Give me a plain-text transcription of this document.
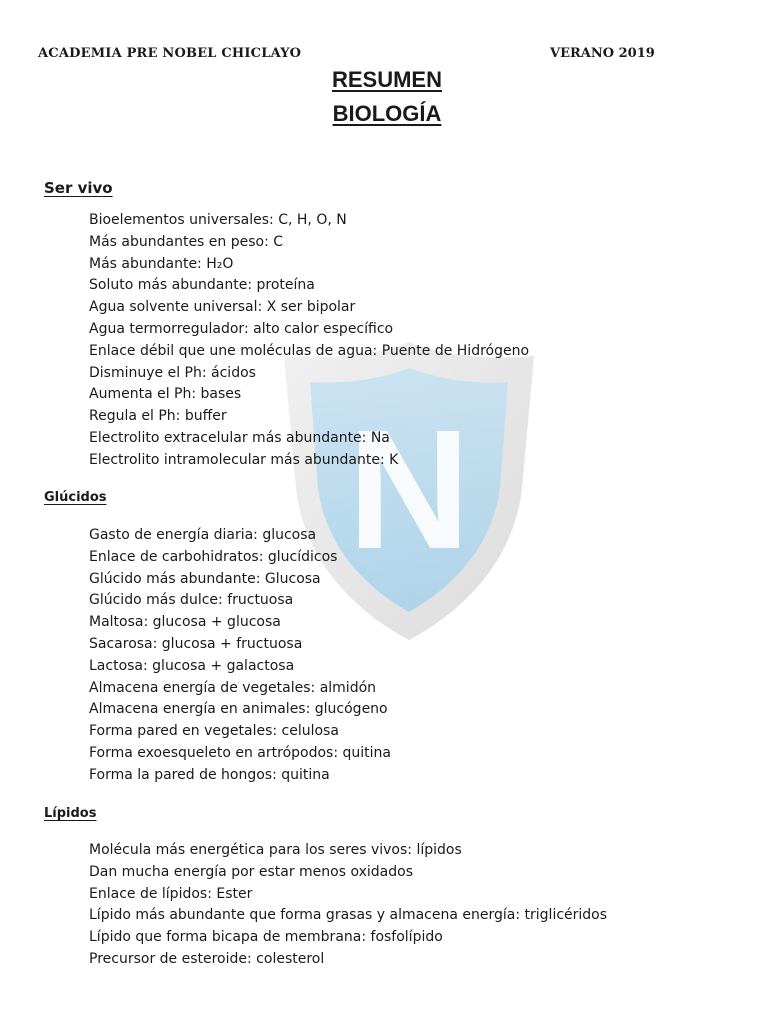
N
ACADEMIA PRE NOBEL CHICLAYO	VERANO 2019
RESUMEN
BIOLOGÍA
Ser vivo
Bioelementos universales: C, H, O, N
Más abundantes en peso: C
Más abundante: H₂O
Soluto más abundante: proteína
Agua solvente universal: X ser bipolar
Agua termorregulador: alto calor específico
Enlace débil que une moléculas de agua: Puente de Hidrógeno
Disminuye el Ph: ácidos
Aumenta el Ph: bases
Regula el Ph: buffer
Electrolito extracelular más abundante: Na
Electrolito intramolecular más abundante: K
Glúcidos
Gasto de energía diaria: glucosa
Enlace de carbohidratos: glucídicos
Glúcido más abundante: Glucosa
Glúcido más dulce: fructuosa
Maltosa: glucosa + glucosa
Sacarosa: glucosa + fructuosa
Lactosa: glucosa + galactosa
Almacena energía de vegetales: almidón
Almacena energía en animales: glucógeno
Forma pared en vegetales: celulosa
Forma exoesqueleto en artrópodos: quitina
Forma la pared de hongos: quitina
Lípidos
Molécula más energética para los seres vivos: lípidos
Dan mucha energía por estar menos oxidados
Enlace de lípidos: Ester
Lípido más abundante que forma grasas y almacena energía: triglicéridos
Lípido que forma bicapa de membrana: fosfolípido
Precursor de esteroide: colesterol
